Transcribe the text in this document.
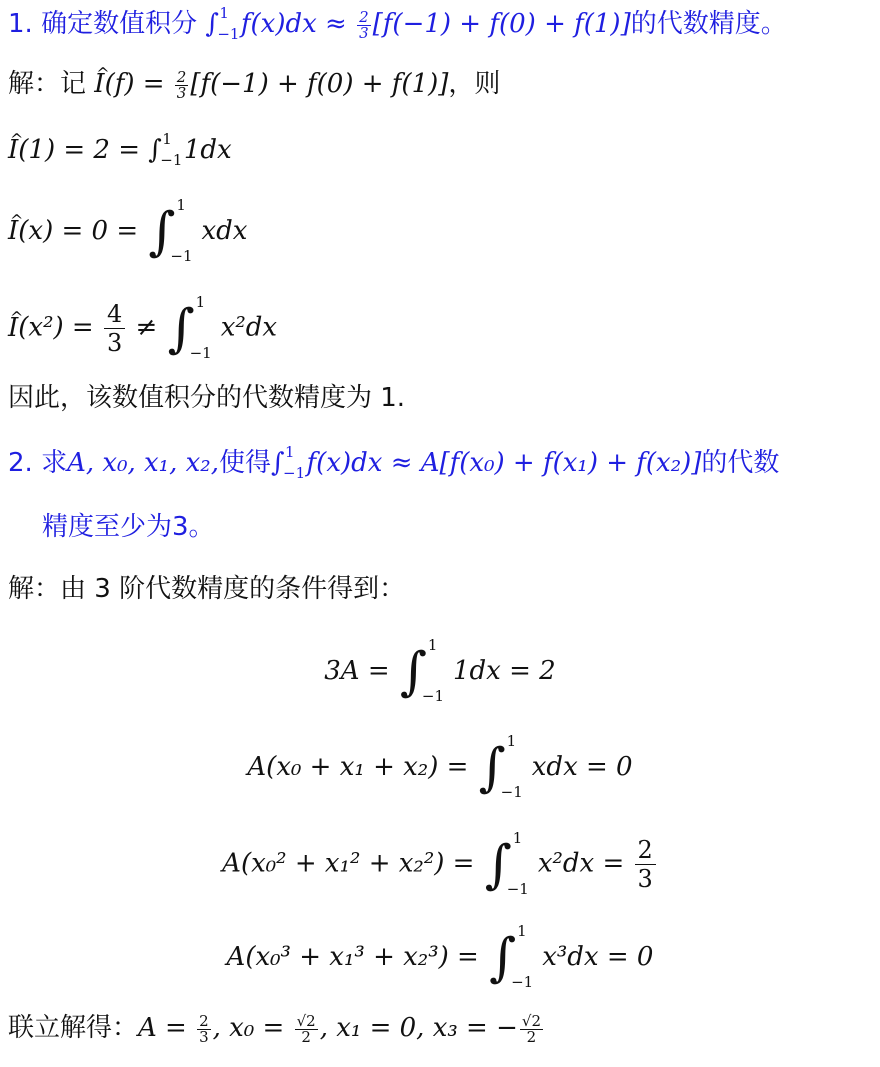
1. 确定数值积分 ∫ 1
−1 $f(x)dx \approx \frac{2}{3} [f(-1) + f(0) + f(1)]$的代数精度。
解：记 ^ $I(f) = \frac{2}{3} [f(-1) + f(0) + f(1)]$，则
^ I(1) = 2 = ∫ 1
−1 1dx
^ I(x) = 0 = ∫ 1
−1
xdx
^ $I(x^2) = \frac{4}{3}$ ≠ ∫ 1
−1
x²dx
因此，该数值积分的代数精度为 1.
2. 求A, x₀, x₁, x₂,使得∫ 1
−1 f(x)dx ≈ A[f(x₀) + f(x₁) + f(x₂)]的代数
精度至少为3。
解：由 3 阶代数精度的条件得到：
3A = ∫ 1
−1
1dx = 2
A(x₀ + x₁ + x₂) = ∫ 1
−1
xdx = 0
A(x₀² + x₁² + x₂²) = ∫ 1
−1
$x^2dx = \frac{2}{3}$
A(x₀³ + x₁³ + x₂³) = ∫ 1
−1
x³dx = 0
联立解得：$A = \frac{2}{3}$ , $x_0 = \frac{√2}{2}$ , x₁ = 0, x₃ = − $\frac{√2}{2}$
